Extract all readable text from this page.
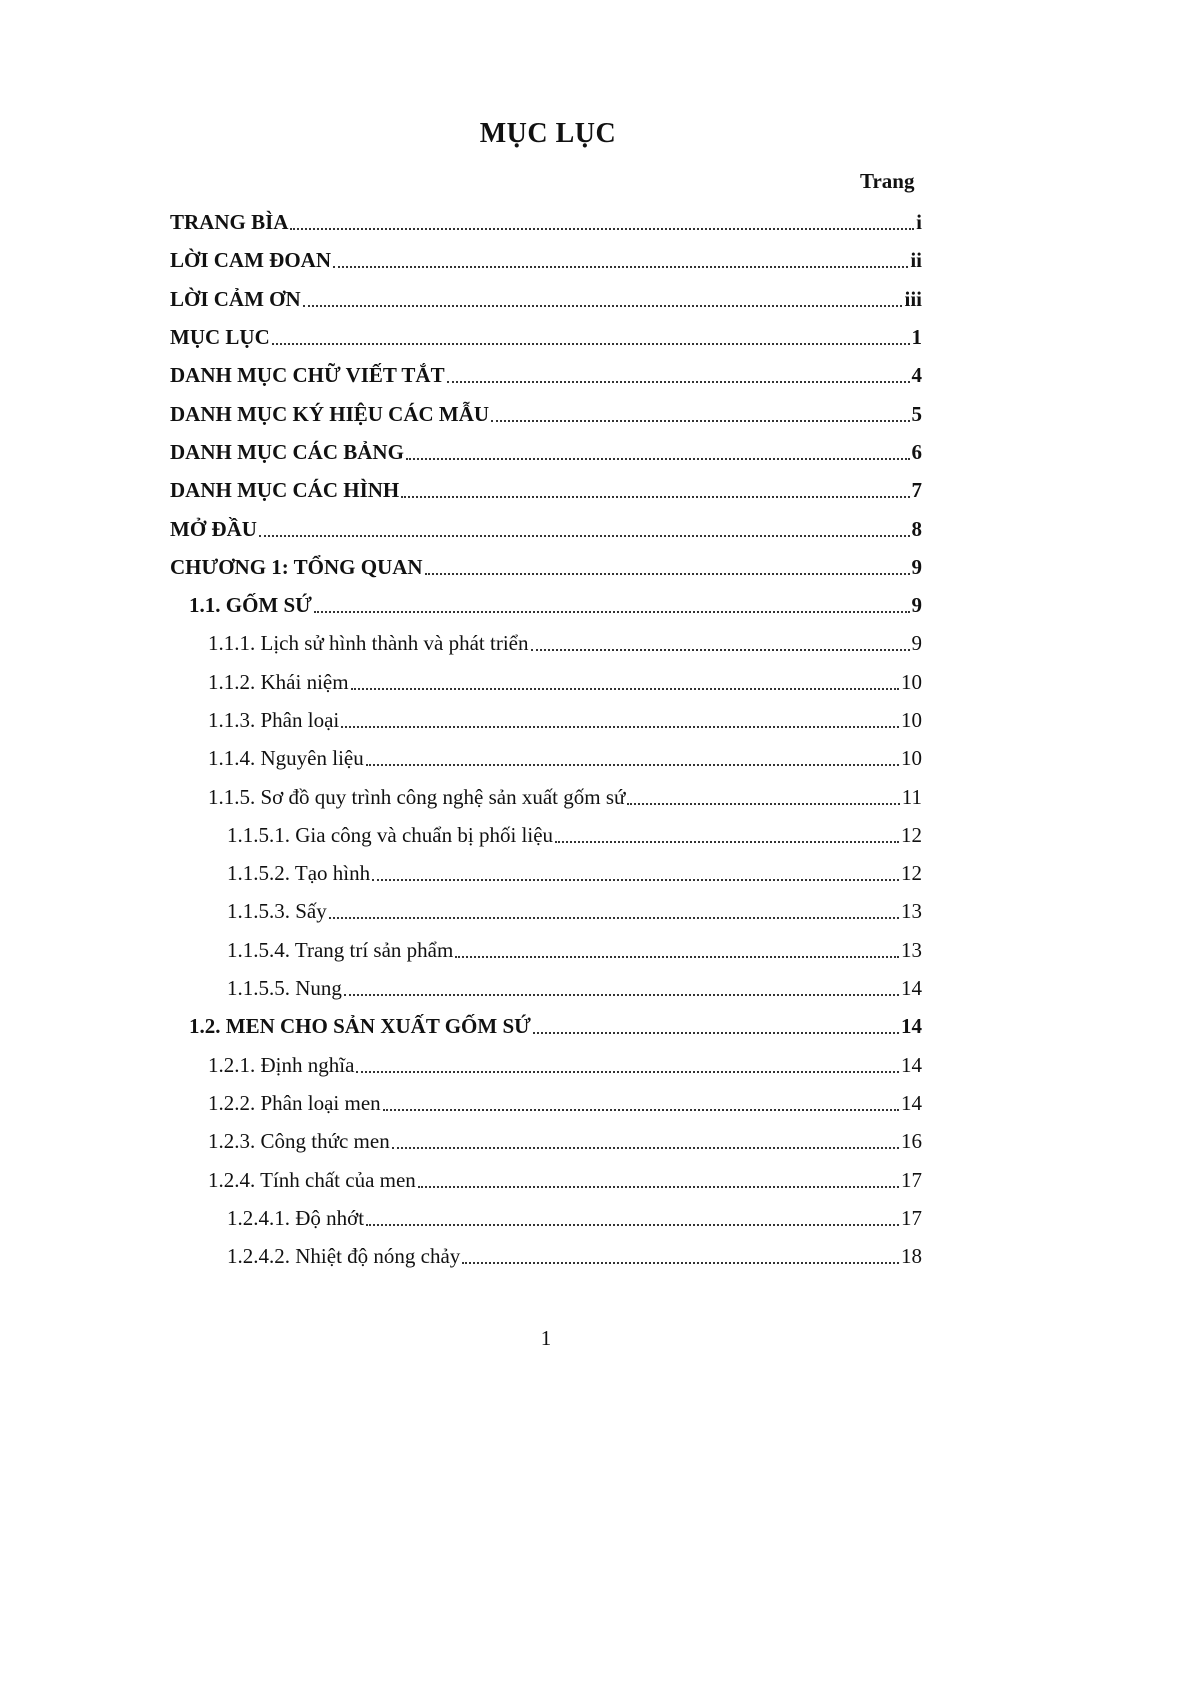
MỤC LỤC
Trang
TRANG BÌA	i
LỜI CAM ĐOAN	ii
LỜI CẢM ƠN	iii
MỤC LỤC	1
DANH MỤC CHỮ VIẾT TẮT	4
DANH MỤC KÝ HIỆU CÁC MẪU	5
DANH MỤC CÁC BẢNG	6
DANH MỤC CÁC HÌNH	7
MỞ ĐẦU	8
CHƯƠNG 1: TỔNG QUAN	9
1.1. GỐM SỨ	9
1.1.1. Lịch sử hình thành và phát triển	9
1.1.2. Khái niệm	10
1.1.3. Phân loại	10
1.1.4. Nguyên liệu	10
1.1.5. Sơ đồ quy trình công nghệ sản xuất gốm sứ	11
1.1.5.1. Gia công và chuẩn bị phối liệu	12
1.1.5.2. Tạo hình	12
1.1.5.3. Sấy	13
1.1.5.4. Trang trí sản phẩm	13
1.1.5.5. Nung	14
1.2. MEN CHO SẢN XUẤT GỐM SỨ	14
1.2.1. Định nghĩa	14
1.2.2. Phân loại men	14
1.2.3. Công thức men	16
1.2.4. Tính chất của men	17
1.2.4.1. Độ nhớt	17
1.2.4.2. Nhiệt độ nóng chảy	18
1
